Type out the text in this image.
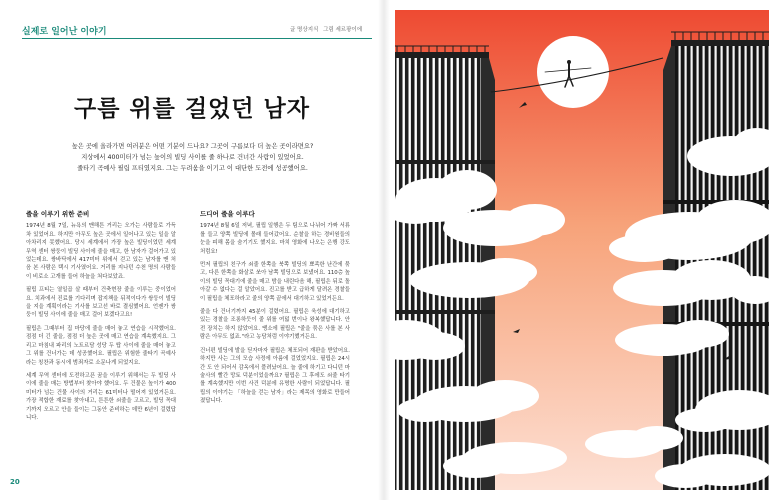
실제로 일어난 이야기	글 명상지식 그림 세르팡이에
구름 위를 걸었던 남자
높은 곳에 올라가면 여러분은 어떤 기분이 드나요? 그곳이 구름보다 더 높은 곳이라면요?
지상에서 400미터가 넘는 높이의 빌딩 사이를 줄 하나로 건너간 사람이 있었어요.
줄타기 곡예사 필립 프티였지요. 그는 두려움을 이기고 이 대단한 도전에 성공했어요.
줄을 이루기 위한 준비

1974년 8월 7일, 뉴욕의 맨해튼 거리는 오가는 사람들로 가득 차 있었어요. 하지만 아무도 높은 곳에서 일어나고 있는 일을 알아차리지 못했어요. 당시 세계에서 가장 높은 빌딩이었던 세계 무역 센터 쌍둥이 빌딩 사이에 줄을 매고, 한 남자가 걸어가고 있었는데요. 쌍바닥에서 417미터 위에서 걷고 있는 남자를 맨 처음 본 사람은 택시 기사였어요. 거리를 지나던 수천 명의 사람들이 비로소 고개를 들어 하늘을 쳐다보았죠.

필립 프티는 열일곱 살 때부터 건축현장 줄을 이루는 중이었어요. 치과에서 진료를 기다리며 잡지책을 뒤적이다가 쌍둥이 빌딩을 지을 계획이라는 기사를 보고선 바로 결심했어요. 언젠가 쌍둥이 빌딩 사이에 줄을 매고 걸어 보겠다고요!

필립은 그때부터 집 마당에 줄을 매어 놓고 연습을 시작했어요. 점점 더 긴 줄을, 점점 더 높은 곳에 매고 연습을 계속했지요. 그리고 마침내 파리의 노트르담 성당 두 탑 사이에 줄을 매어 놓고 그 위를 건너가는 데 성공했어요. 필립은 위험한 줄타기 곡예사라는 칭찬과 동시에 범죄자로 소문나게 되었지요.

세계 무역 센터에 도전하고픈 꿈을 이루기 위해서는 두 빌딩 사이에 줄을 매는 방법부터 찾아야 했어요. 두 건물은 높이가 400미터가 넘는 건물 사이의 거리는 61미터나 떨어져 있었거든요. 가장 적합한 재료를 찾아내고, 튼튼한 쇠줄을 고르고, 빌딩 꼭대기까지 오르고 안을 들이는 그동안 준비하는 데만 6년이 걸렸답니다.

드디어 줄을 이루다

1974년 8월 6일 저녁, 필립 일행은 두 팀으로 나뉘어 가짜 서류를 들고 양쪽 빌딩에 몰래 들어갔어요. 순찰을 하는 경비원들의 눈을 피해 몸을 숨기기도 했지요. 마치 영화에 나오는 은행 강도처럼요!

먼저 필립의 친구가 쇠줄 한쪽을 북쪽 빌딩의 뾰족한 난간에 묶고, 다른 한쪽을 화살로 쏘아 남쪽 빌딩으로 보냈어요. 110층 높이의 빌딩 꼭대기에 줄을 매고 밤을 내린다음 해, 필립은 뒤로 돌아갈 수 없다는 걸 알았어요. 진고를 받고 급하게 달려온 경찰들이 필립을 체포하라고 줄의 양쪽 끝에서 대기하고 있었거든요.

줄을 다 건너기까지 45분이 걸렸어요. 필립은 욱성에 대기하고 있는 경찰을 조롱하듯이 줄 위를 여덟 번이나 왕복했답니다. 안전 장치는 하지 않았어요. 땡소에 필립은 "줄을 묶은 사를 본 사람은 아무도 없죠."라고 농담처럼 이야기했거든요.

건너편 빌딩에 발을 딛자마자 필립은 체포되어 재판을 받았어요. 하지만 사는 그의 모습 사정에 아름에 걸었었지요. 필립은 24시간 도 안 되어서 감옥에서 풀려났어요. 늘 줄에 하기고 다니던 마술사의 빨간 망토 덕분이었을까요? 필립은 그 후에도 쇠줄 타기를 계속했지만 이번 사건 덕분에 유명한 사람이 되었답니다. 필립의 이야기는 「하늘을 걷는 남자」라는 제목의 영화로 만들어졌답니다.

20
